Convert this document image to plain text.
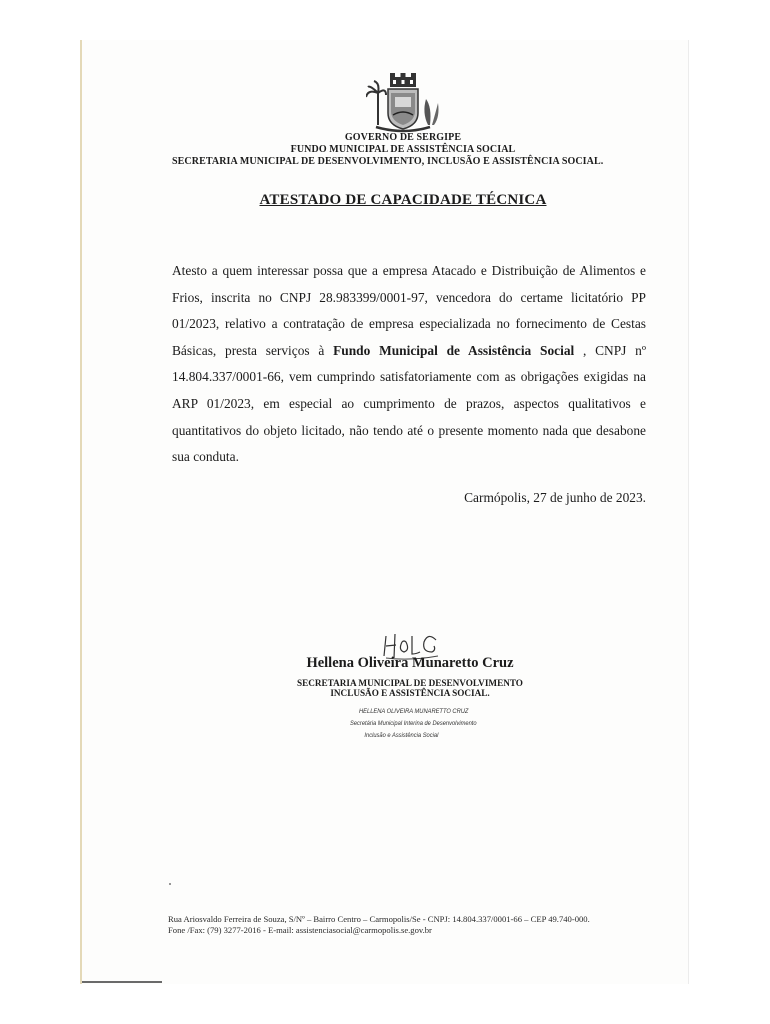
GOVERNO DE SERGIPE
FUNDO MUNICIPAL DE ASSISTÊNCIA SOCIAL
SECRETARIA MUNICIPAL DE DESENVOLVIMENTO, INCLUSÃO E ASSISTÊNCIA SOCIAL.
ATESTADO DE CAPACIDADE TÉCNICA
Atesto a quem interessar possa que a empresa Atacado e Distribuição de Alimentos e Frios, inscrita no CNPJ 28.983399/0001-97, vencedora do certame licitatório PP 01/2023, relativo a contratação de empresa especializada no fornecimento de Cestas Básicas, presta serviços à Fundo Municipal de Assistência Social , CNPJ nº 14.804.337/0001-66, vem cumprindo satisfatoriamente com as obrigações exigidas na ARP 01/2023, em especial ao cumprimento de prazos, aspectos qualitativos e quantitativos do objeto licitado, não tendo até o presente momento nada que desabone sua conduta.
Carmópolis, 27 de junho de 2023.
Hellena Oliveira Munaretto Cruz
SECRETARIA MUNICIPAL DE DESENVOLVIMENTO
INCLUSÃO E ASSISTÊNCIA SOCIAL.
HELLENA OLIVEIRA MUNARETTO CRUZ
Secretária Municipal Interina de Desenvolvimento
Inclusão e Assistência Social
Rua Ariosvaldo Ferreira de Souza, S/Nº – Bairro Centro – Carmopolis/Se - CNPJ: 14.804.337/0001-66 – CEP 49.740-000.
Fone /Fax: (79) 3277-2016 - E-mail: assistenciasocial@carmopolis.se.gov.br
